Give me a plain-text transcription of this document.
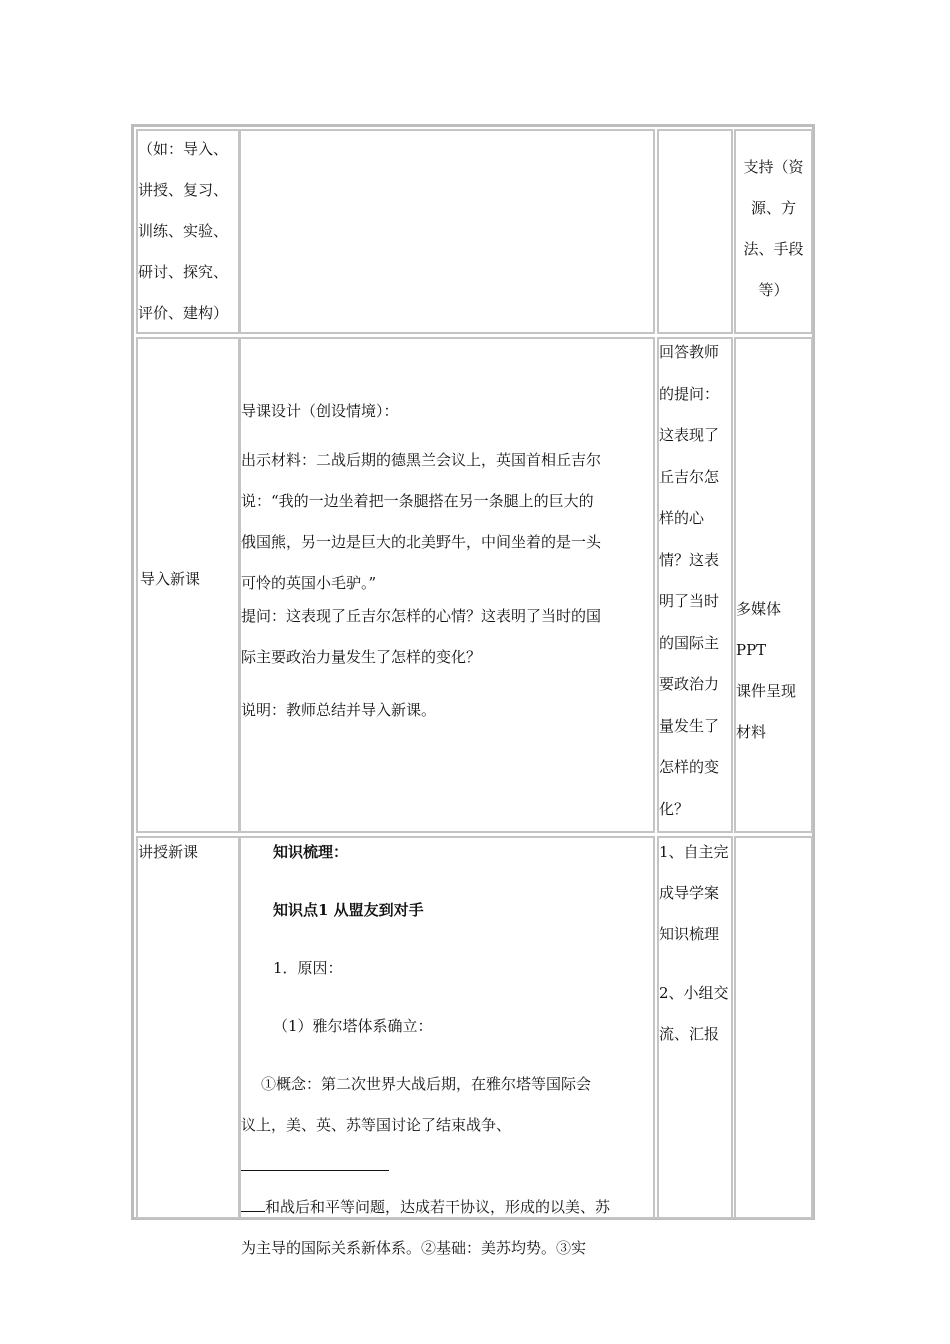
（如：导入、

讲授、复习、

训练、实验、

研讨、探究、

评价、建构）

支持（资

源、方

法、手段

等）

导入新课

导课设计（创设情境）：

出示材料：二战后期的德黑兰会议上，英国首相丘吉尔

说：“我的一边坐着把一条腿搭在另一条腿上的巨大的

俄国熊，另一边是巨大的北美野牛，中间坐着的是一头

可怜的英国小毛驴。”

提问：这表现了丘吉尔怎样的心情？这表明了当时的国

际主要政治力量发生了怎样的变化？

说明：教师总结并导入新课。

回答教师

的提问：

这表现了

丘吉尔怎

样的心

情？这表

明了当时

的国际主

要政治力

量发生了

怎样的变

化？

多媒体PPT

课件呈现

材料

讲授新课	知识梳理：

知识点1 从盟友到对手

1．原因：

（1）雅尔塔体系确立：

①概念：第二次世界大战后期，在雅尔塔等国际会

议上，美、英、苏等国讨论了结束战争、

和战后和平等问题，达成若干协议，形成的以美、苏

为主导的国际关系新体系。②基础：美苏均势。③实

1、自主完

成导学案

知识梳理

2、小组交

流、汇报
